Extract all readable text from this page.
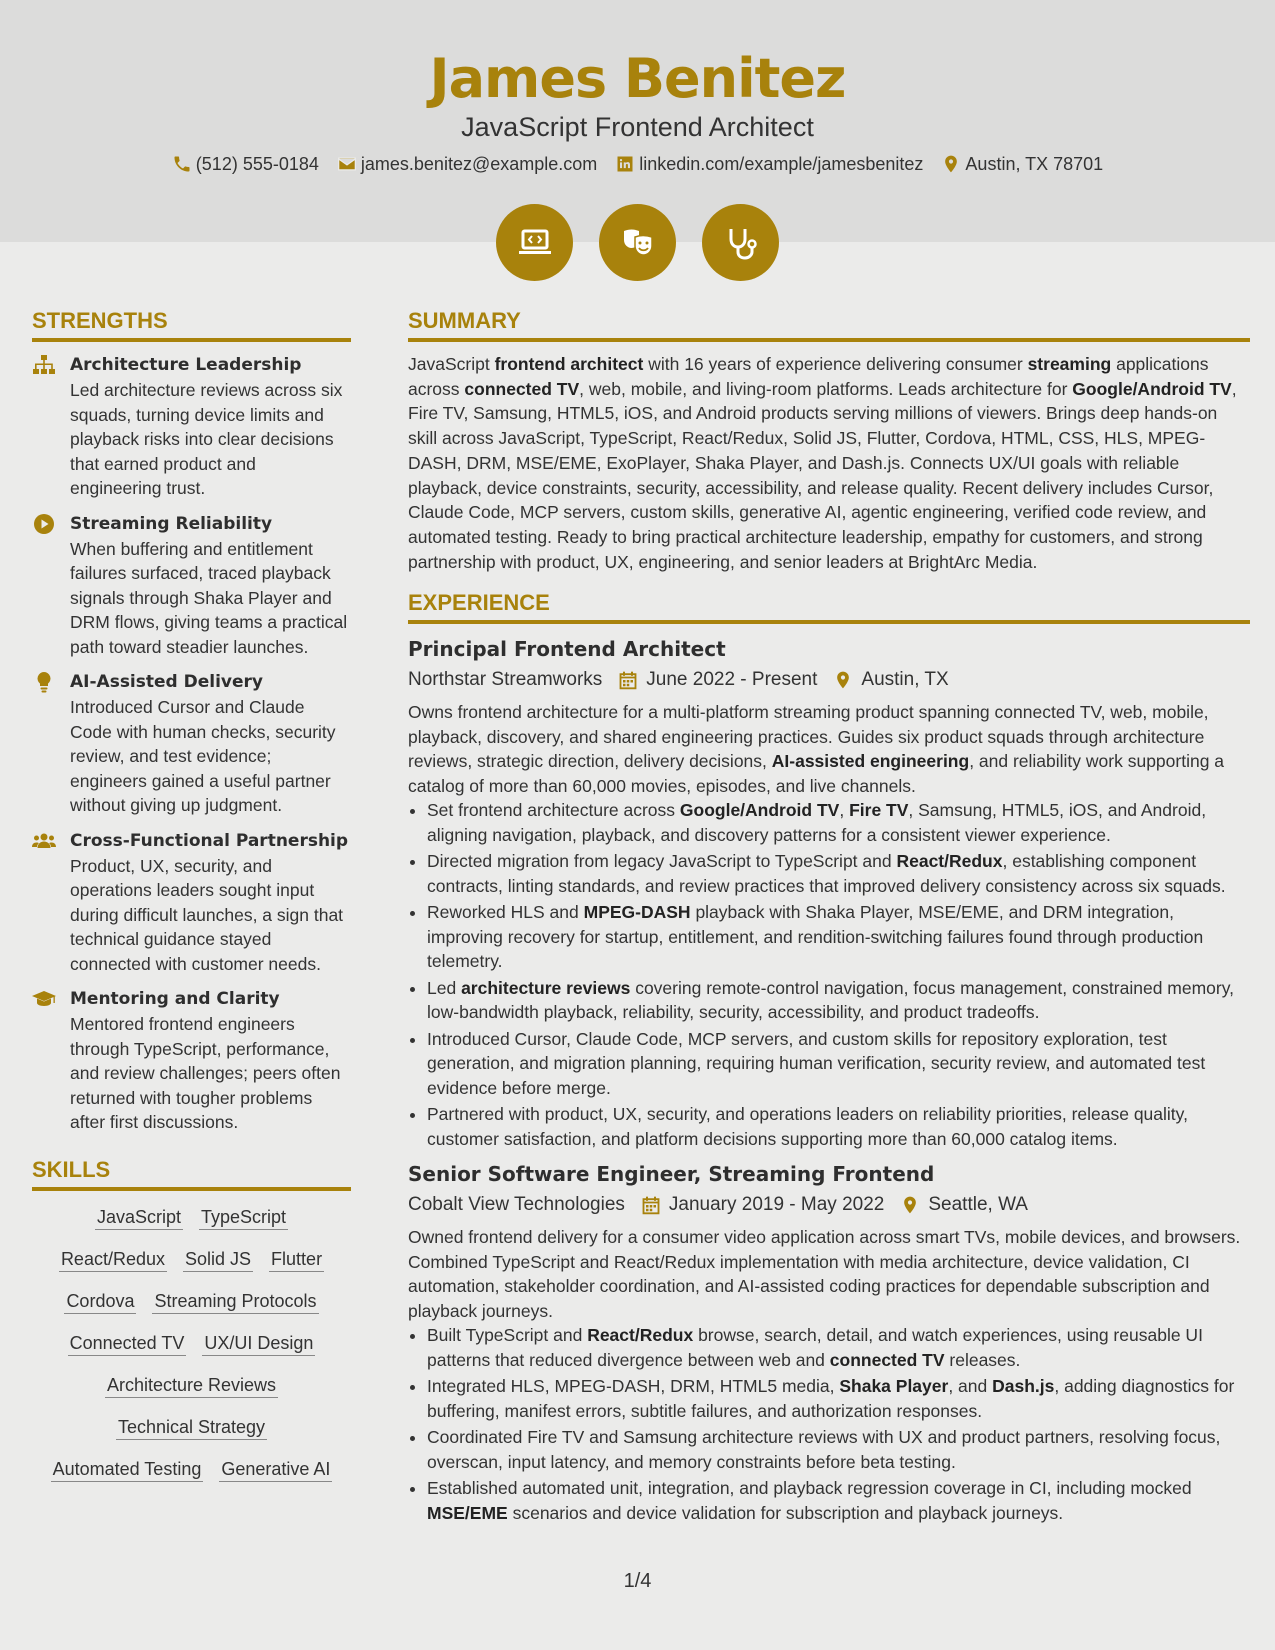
James Benitez
JavaScript Frontend Architect
(512) 555-0184 james.benitez@example.com linkedin.com/example/jamesbenitez Austin, TX 78701
STRENGTHS
Architecture Leadership
Led architecture reviews across six squads, turning device limits and playback risks into clear decisions that earned product and engineering trust.
Streaming Reliability
When buffering and entitlement failures surfaced, traced playback signals through Shaka Player and DRM flows, giving teams a practical path toward steadier launches.
AI-Assisted Delivery
Introduced Cursor and Claude Code with human checks, security review, and test evidence; engineers gained a useful partner without giving up judgment.
Cross-Functional Partnership
Product, UX, security, and operations leaders sought input during difficult launches, a sign that technical guidance stayed connected with customer needs.
Mentoring and Clarity
Mentored frontend engineers through TypeScript, performance, and review challenges; peers often returned with tougher problems after first discussions.
SKILLS
JavaScript TypeScript
React/Redux Solid JS Flutter
Cordova Streaming Protocols
Connected TV UX/UI Design
Architecture Reviews
Technical Strategy
Automated Testing Generative AI
SUMMARY
JavaScript frontend architect with 16 years of experience delivering consumer streaming applications across connected TV, web, mobile, and living-room platforms. Leads architecture for Google/Android TV, Fire TV, Samsung, HTML5, iOS, and Android products serving millions of viewers. Brings deep hands-on skill across JavaScript, TypeScript, React/Redux, Solid JS, Flutter, Cordova, HTML, CSS, HLS, MPEG-DASH, DRM, MSE/EME, ExoPlayer, Shaka Player, and Dash.js. Connects UX/UI goals with reliable playback, device constraints, security, accessibility, and release quality. Recent delivery includes Cursor, Claude Code, MCP servers, custom skills, generative AI, agentic engineering, verified code review, and automated testing. Ready to bring practical architecture leadership, empathy for customers, and strong partnership with product, UX, engineering, and senior leaders at BrightArc Media.
EXPERIENCE
Principal Frontend Architect
Northstar Streamworks June 2022 - Present Austin, TX
Owns frontend architecture for a multi-platform streaming product spanning connected TV, web, mobile, playback, discovery, and shared engineering practices. Guides six product squads through architecture reviews, strategic direction, delivery decisions, AI-assisted engineering, and reliability work supporting a catalog of more than 60,000 movies, episodes, and live channels.
• Set frontend architecture across Google/Android TV, Fire TV, Samsung, HTML5, iOS, and Android, aligning navigation, playback, and discovery patterns for a consistent viewer experience.
• Directed migration from legacy JavaScript to TypeScript and React/Redux, establishing component contracts, linting standards, and review practices that improved delivery consistency across six squads.
• Reworked HLS and MPEG-DASH playback with Shaka Player, MSE/EME, and DRM integration, improving recovery for startup, entitlement, and rendition-switching failures found through production telemetry.
• Led architecture reviews covering remote-control navigation, focus management, constrained memory, low-bandwidth playback, reliability, security, accessibility, and product tradeoffs.
• Introduced Cursor, Claude Code, MCP servers, and custom skills for repository exploration, test generation, and migration planning, requiring human verification, security review, and automated test evidence before merge.
• Partnered with product, UX, security, and operations leaders on reliability priorities, release quality, customer satisfaction, and platform decisions supporting more than 60,000 catalog items.
Senior Software Engineer, Streaming Frontend
Cobalt View Technologies January 2019 - May 2022 Seattle, WA
Owned frontend delivery for a consumer video application across smart TVs, mobile devices, and browsers. Combined TypeScript and React/Redux implementation with media architecture, device validation, CI automation, stakeholder coordination, and AI-assisted coding practices for dependable subscription and playback journeys.
• Built TypeScript and React/Redux browse, search, detail, and watch experiences, using reusable UI patterns that reduced divergence between web and connected TV releases.
• Integrated HLS, MPEG-DASH, DRM, HTML5 media, Shaka Player, and Dash.js, adding diagnostics for buffering, manifest errors, subtitle failures, and authorization responses.
• Coordinated Fire TV and Samsung architecture reviews with UX and product partners, resolving focus, overscan, input latency, and memory constraints before beta testing.
• Established automated unit, integration, and playback regression coverage in CI, including mocked MSE/EME scenarios and device validation for subscription and playback journeys.
1/4
